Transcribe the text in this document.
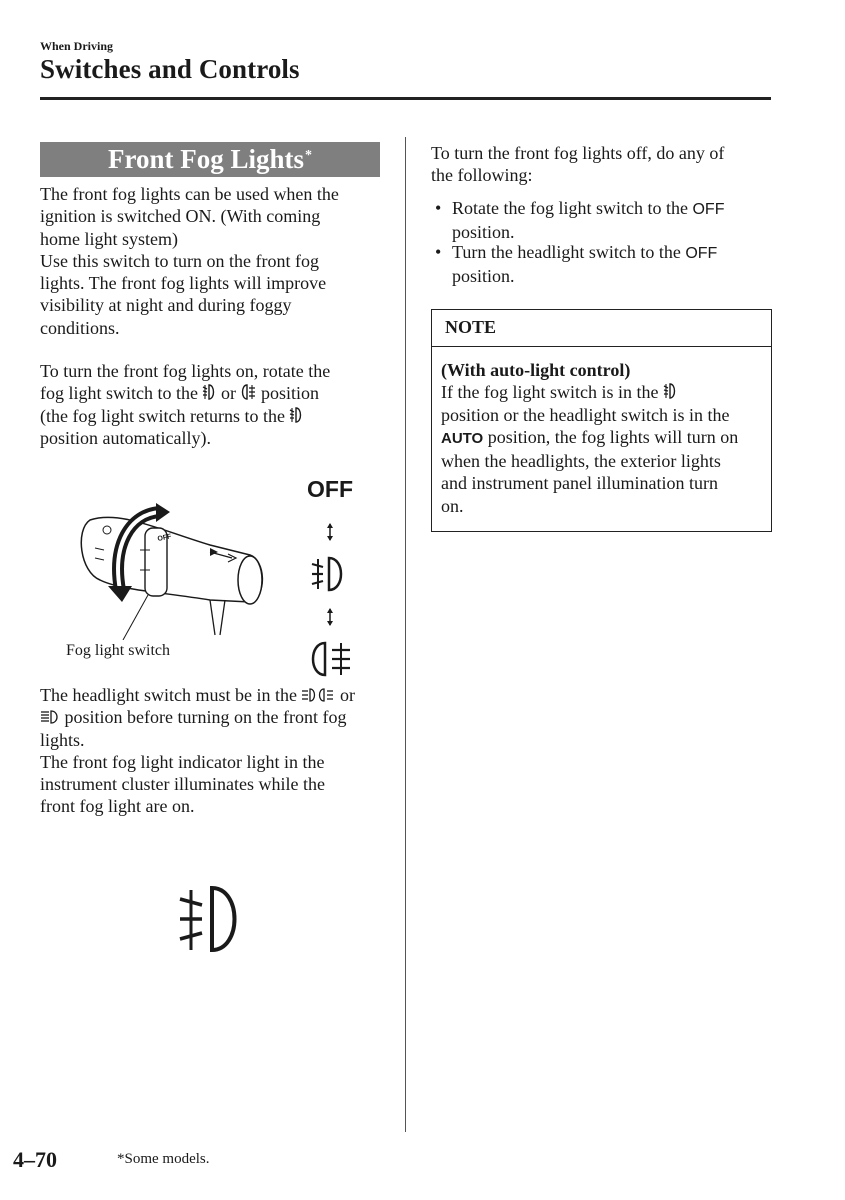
When Driving
Switches and Controls
Front Fog Lights*
The front fog lights can be used when the
ignition is switched ON. (With coming
home light system)
Use this switch to turn on the front fog
lights. The front fog lights will improve
visibility at night and during foggy
conditions.
To turn the front fog lights on, rotate the
fog light switch to the  or  position
(the fog light switch returns to the
position automatically).
OFF
OFF
Fog light switch
The headlight switch must be in the  or
position before turning on the front fog
lights.
The front fog light indicator light in the
instrument cluster illuminates while the
front fog light are on.
To turn the front fog lights off, do any of
the following:
• Rotate the fog light switch to the OFF
position.
• Turn the headlight switch to the OFF
position.
NOTE
(With auto-light control)
If the fog light switch is in the
position or the headlight switch is in the
AUTO position, the fog lights will turn on
when the headlights, the exterior lights
and instrument panel illumination turn
on.
4–70	*Some models.
